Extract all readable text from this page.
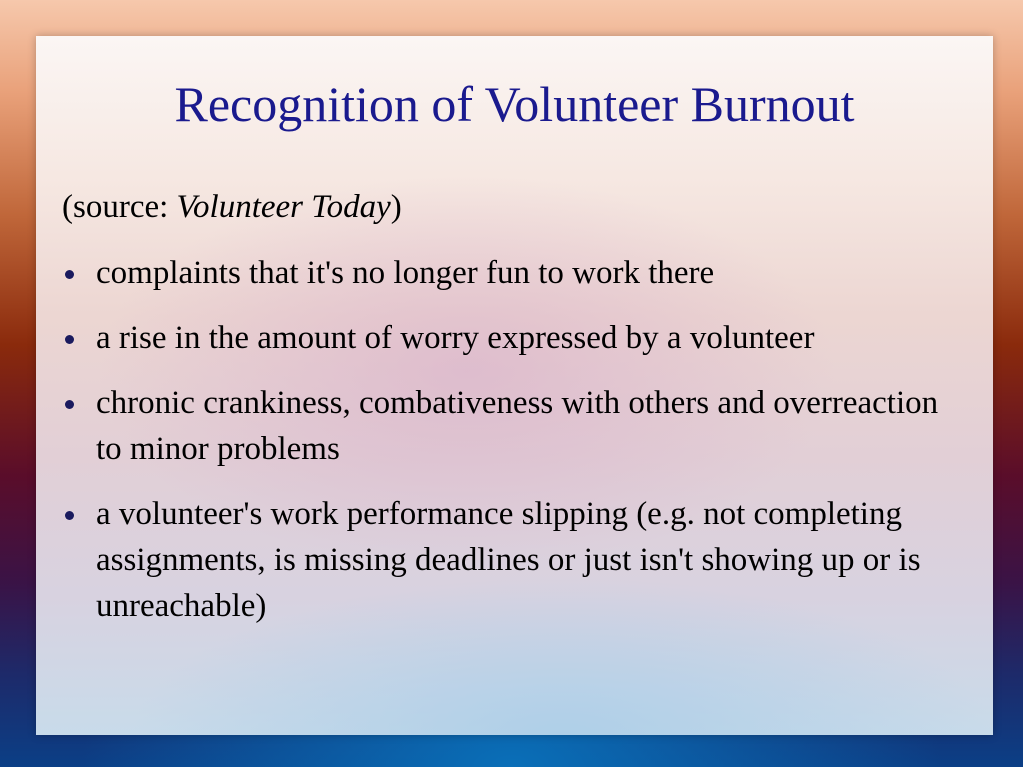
Recognition of Volunteer Burnout

(source: Volunteer Today)

complaints that it's no longer fun to work there
a rise in the amount of worry expressed by a volunteer
chronic crankiness, combativeness with others and overreaction to minor problems
a volunteer's work performance slipping (e.g. not completing assignments, is missing deadlines or just isn't showing up or is unreachable)
